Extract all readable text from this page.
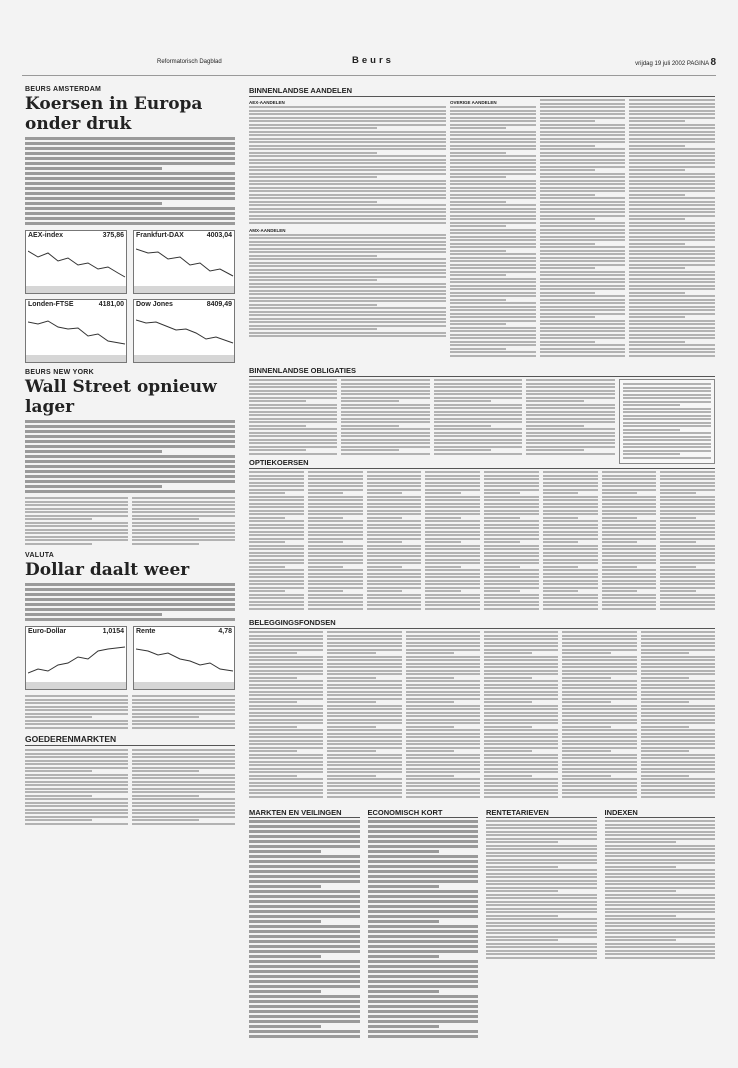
Reformatorisch Dagblad	Beurs	vrijdag 19 juli 2002 PAGINA 8
BEURS AMSTERDAM
Koersen in Europa onder druk
AEX-index	375,86 Frankfurt-DAX	4003,04
Londen-FTSE	4181,00 Dow Jones	8409,49
BEURS NEW YORK
Wall Street opnieuw lager
VALUTA
Dollar daalt weer
Euro-Dollar	1,0154 Rente	4,78
GOEDERENMARKTEN
BINNENLANDSE AANDELEN
AEX-AANDELEN
AMX-AANDELEN
OVERIGE AANDELEN
BINNENLANDSE OBLIGATIES
OPTIEKOERSEN
BELEGGINGSFONDSEN
MARKTEN EN VEILINGEN	ECONOMISCH KORT	RENTETARIEVEN	INDEXEN
